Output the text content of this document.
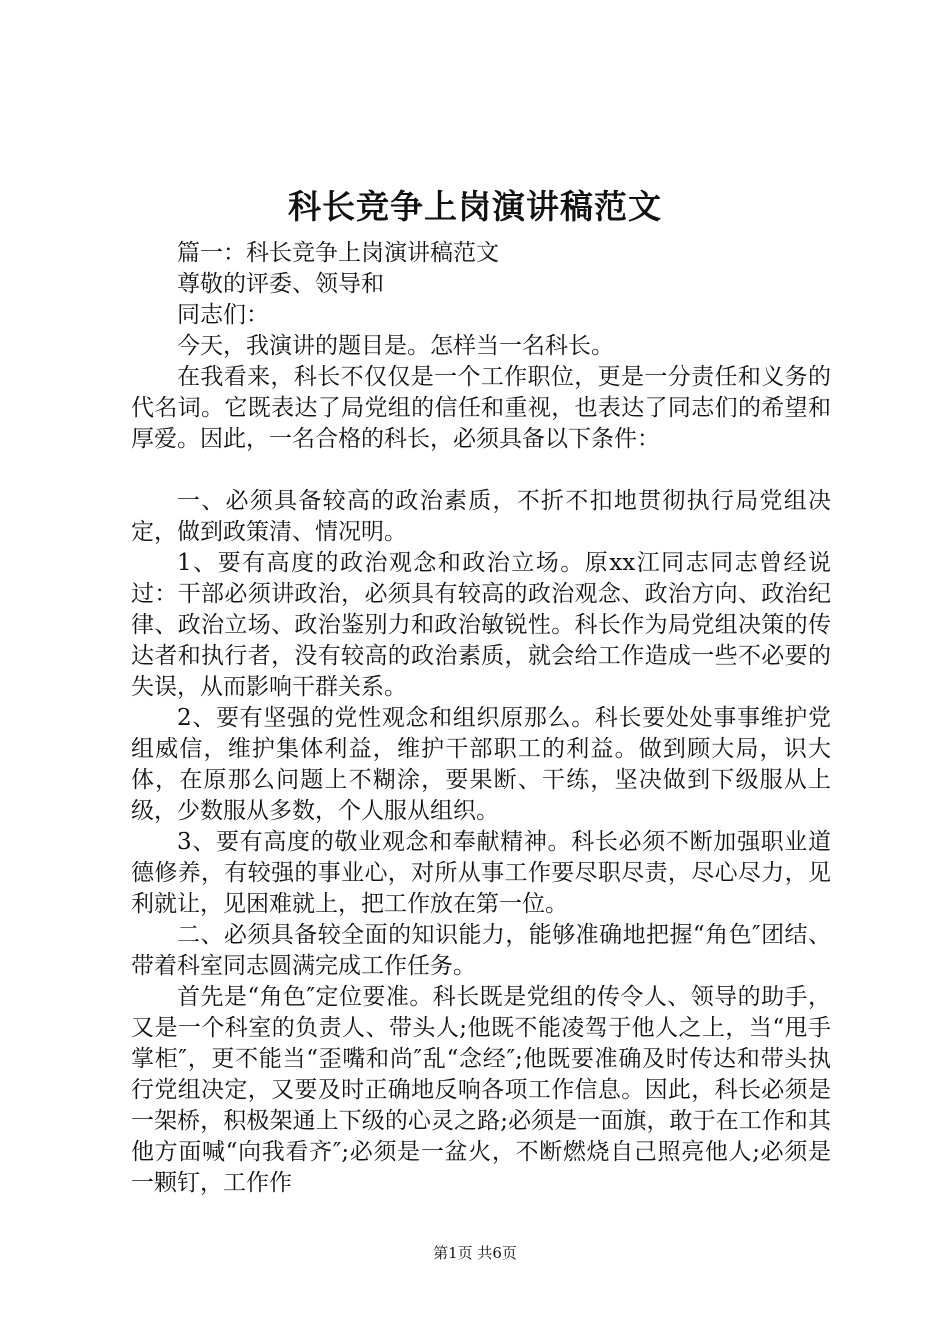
科长竞争上岗演讲稿范文

篇一：科长竞争上岗演讲稿范文

尊敬的评委、领导和

同志们：

今天，我演讲的题目是。怎样当一名科长。

在我看来，科长不仅仅是一个工作职位，更是一分责任和义务的代名词。它既表达了局党组的信任和重视，也表达了同志们的希望和厚爱。因此，一名合格的科长，必须具备以下条件：

一、必须具备较高的政治素质，不折不扣地贯彻执行局党组决定，做到政策清、情况明。

1、要有高度的政治观念和政治立场。原xx江同志同志曾经说过：干部必须讲政治，必须具有较高的政治观念、政治方向、政治纪律、政治立场、政治鉴别力和政治敏锐性。科长作为局党组决策的传达者和执行者，没有较高的政治素质，就会给工作造成一些不必要的失误，从而影响干群关系。

2、要有坚强的党性观念和组织原那么。科长要处处事事维护党组威信，维护集体利益，维护干部职工的利益。做到顾大局，识大体，在原那么问题上不糊涂，要果断、干练，坚决做到下级服从上级，少数服从多数，个人服从组织。

3、要有高度的敬业观念和奉献精神。科长必须不断加强职业道德修养，有较强的事业心，对所从事工作要尽职尽责，尽心尽力，见利就让，见困难就上，把工作放在第一位。

二、必须具备较全面的知识能力，能够准确地把握“角色″团结、带着科室同志圆满完成工作任务。

首先是“角色″定位要准。科长既是党组的传令人、领导的助手，又是一个科室的负责人、带头人;他既不能凌驾于他人之上，当“甩手掌柜″，更不能当“歪嘴和尚″乱“念经″;他既要准确及时传达和带头执行党组决定，又要及时正确地反响各项工作信息。因此，科长必须是一架桥，积极架通上下级的心灵之路;必须是一面旗，敢于在工作和其他方面喊“向我看齐″;必须是一盆火，不断燃烧自己照亮他人;必须是一颗钉，工作作

第1页 共6页
